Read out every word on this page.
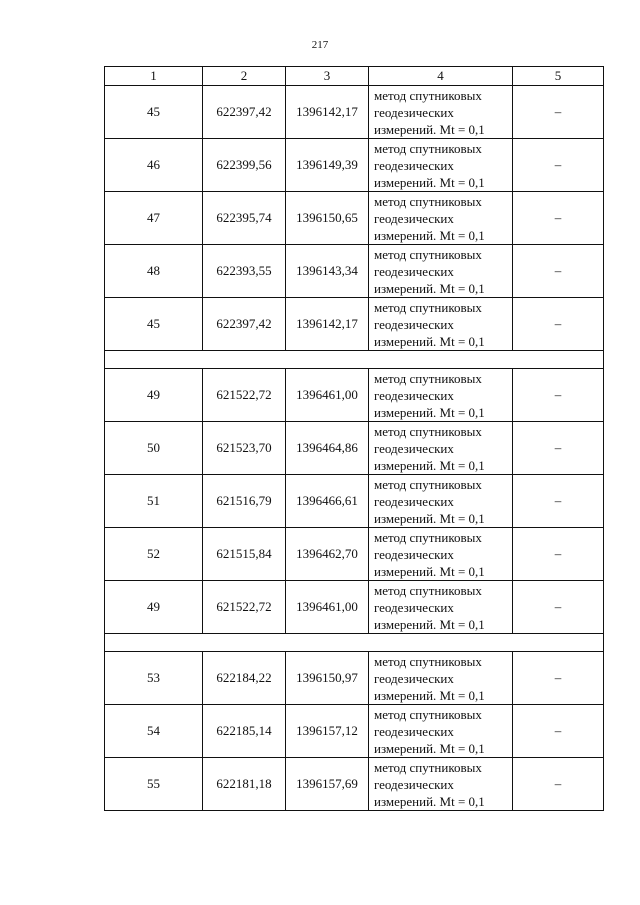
217
1	2	3	4	5
45	622397,42	1396142,17	метод спутниковых
геодезических
измерений. Mt = 0,1	–
46	622399,56	1396149,39	метод спутниковых
геодезических
измерений. Mt = 0,1	–
47	622395,74	1396150,65	метод спутниковых
геодезических
измерений. Mt = 0,1	–
48	622393,55	1396143,34	метод спутниковых
геодезических
измерений. Mt = 0,1	–
45	622397,42	1396142,17	метод спутниковых
геодезических
измерений. Mt = 0,1	–

49	621522,72	1396461,00	метод спутниковых
геодезических
измерений. Mt = 0,1	–
50	621523,70	1396464,86	метод спутниковых
геодезических
измерений. Mt = 0,1	–
51	621516,79	1396466,61	метод спутниковых
геодезических
измерений. Mt = 0,1	–
52	621515,84	1396462,70	метод спутниковых
геодезических
измерений. Mt = 0,1	–
49	621522,72	1396461,00	метод спутниковых
геодезических
измерений. Mt = 0,1	–

53	622184,22	1396150,97	метод спутниковых
геодезических
измерений. Mt = 0,1	–
54	622185,14	1396157,12	метод спутниковых
геодезических
измерений. Mt = 0,1	–
55	622181,18	1396157,69	метод спутниковых
геодезических
измерений. Mt = 0,1	–
